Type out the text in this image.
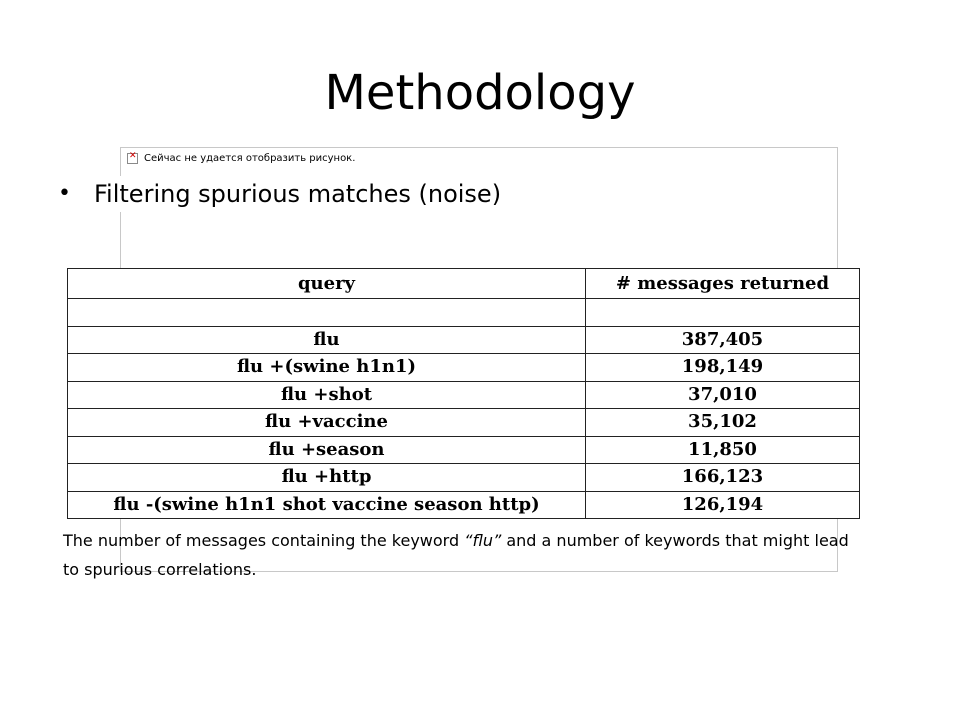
Methodology
✕
Сейчас не удается отобразить рисунок.
• Filtering spurious matches (noise)
query	# messages returned

flu	387,405
flu +(swine h1n1)	198,149
flu +shot	37,010
flu +vaccine	35,102
flu +season	11,850
flu +http	166,123
flu -(swine h1n1 shot vaccine season http)	126,194
The number of messages containing the keyword “flu” and a number of keywords that might lead to spurious correlations.
